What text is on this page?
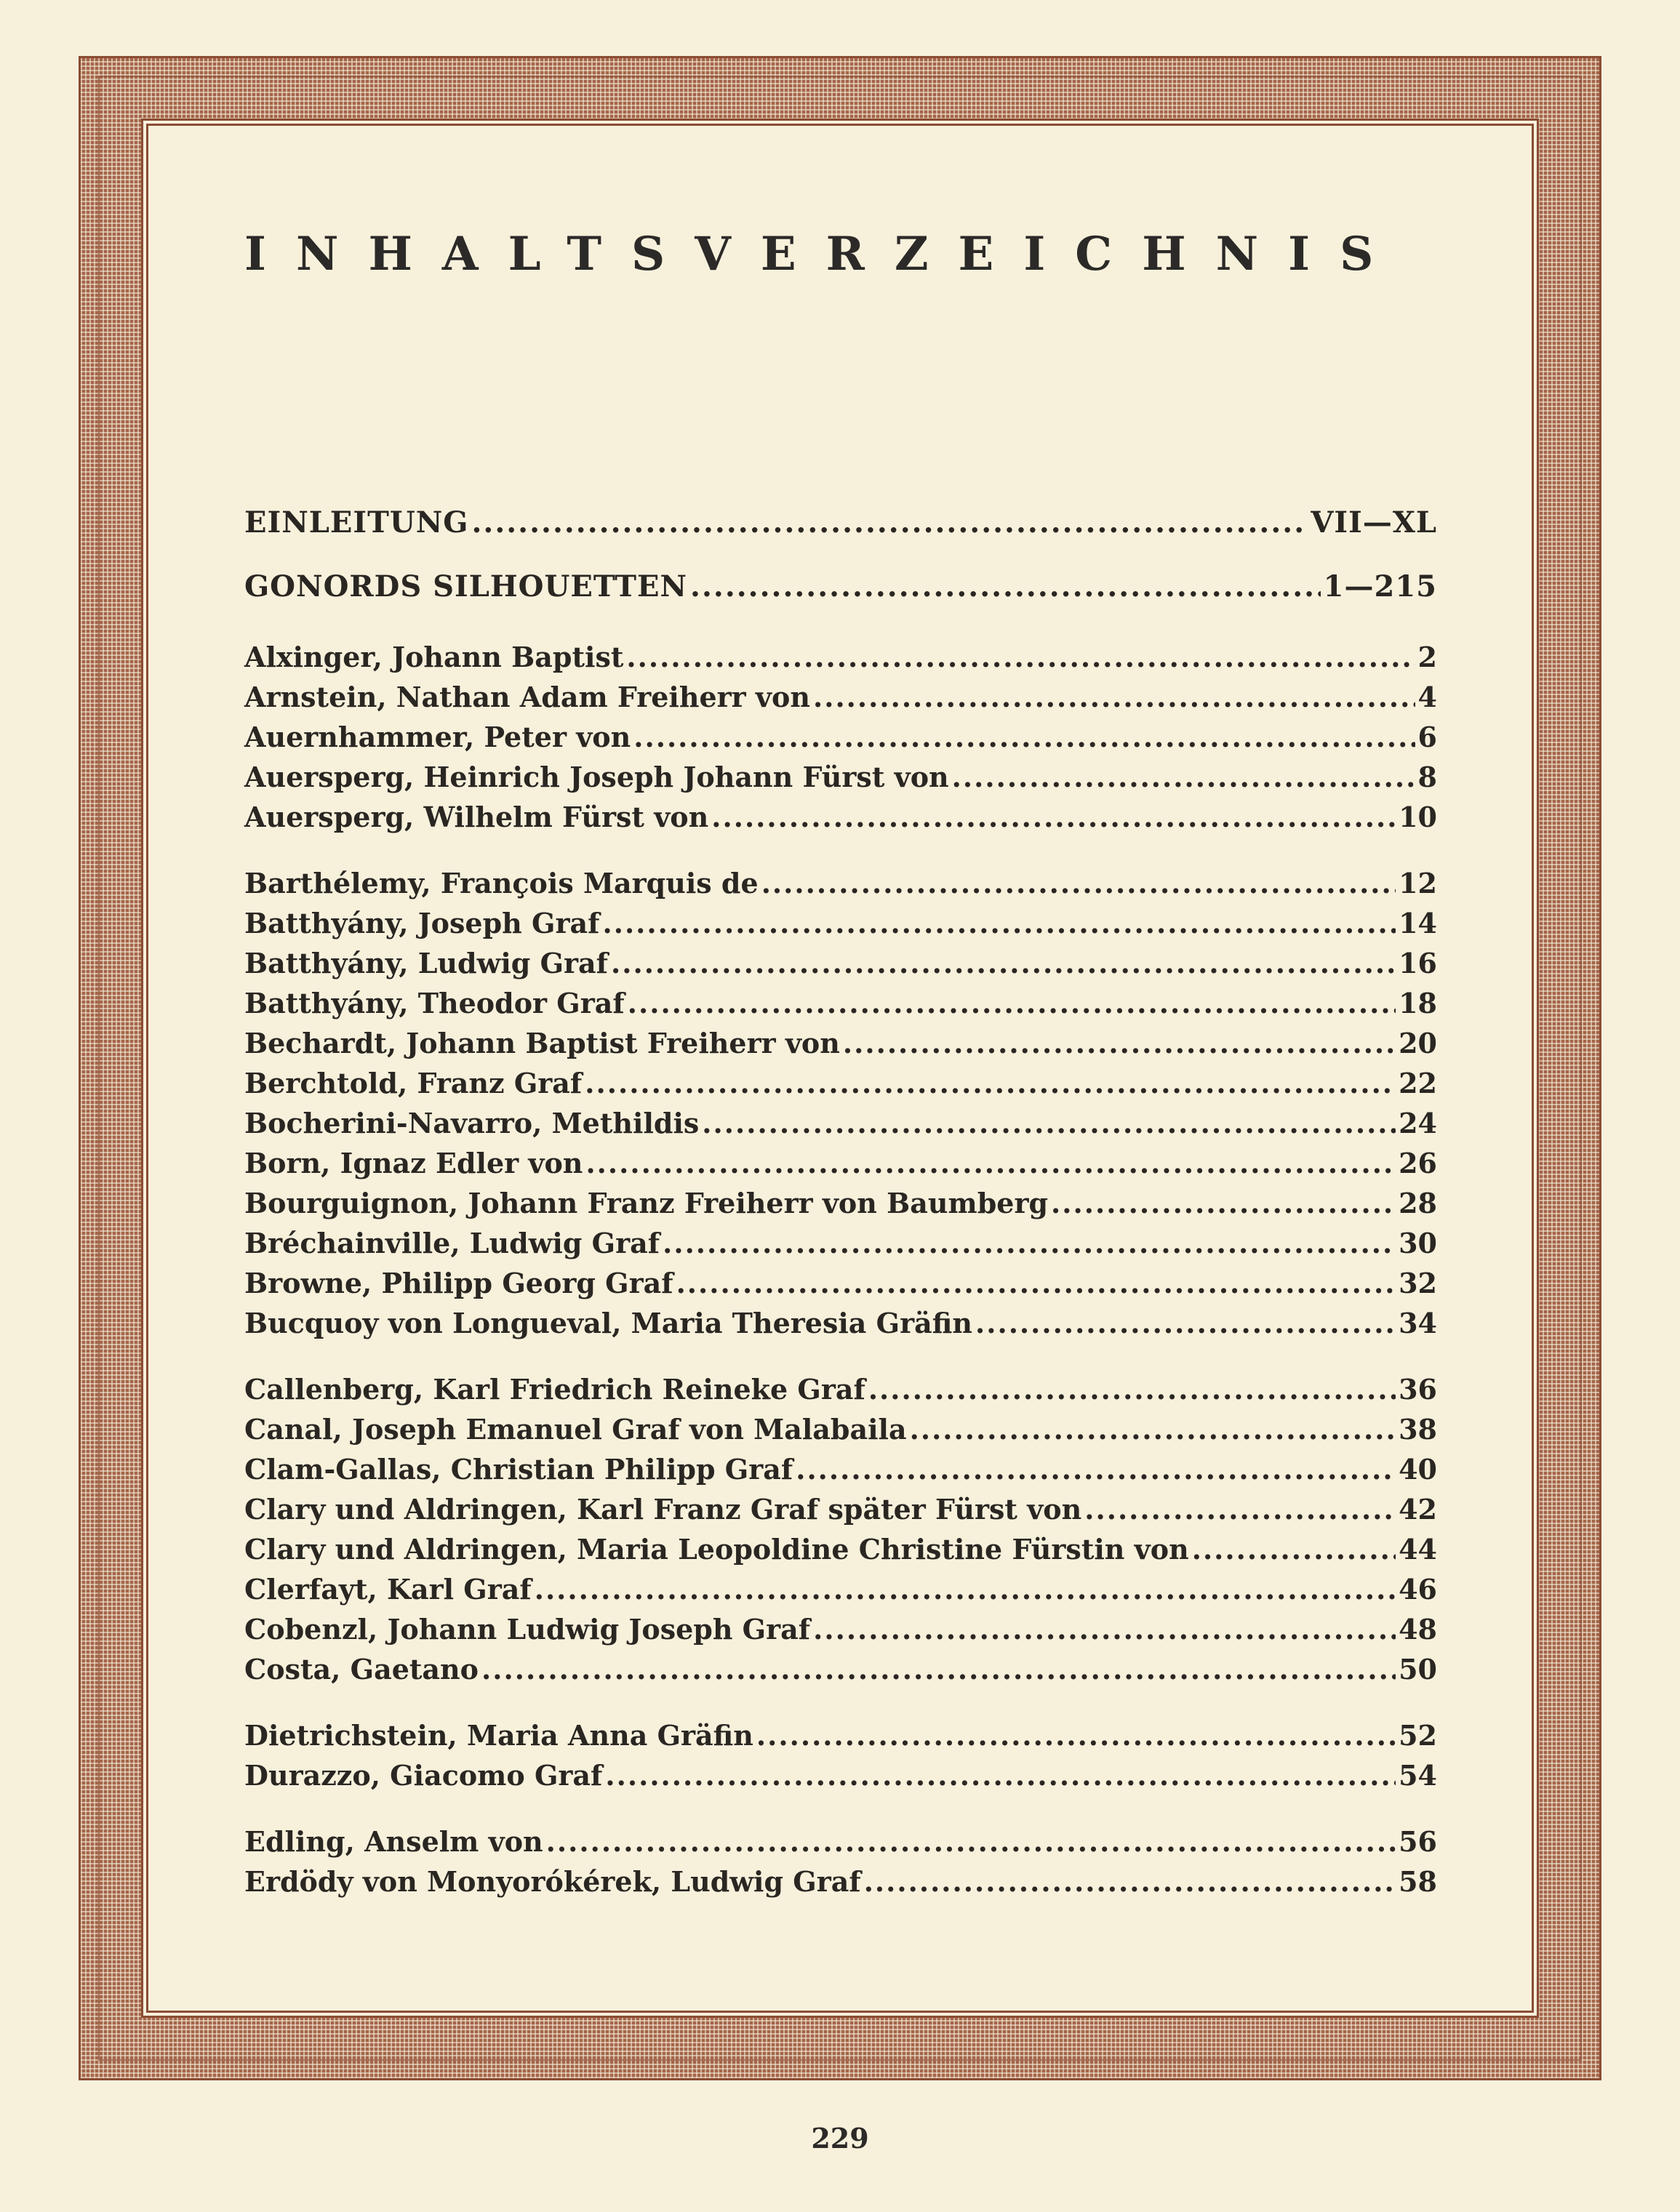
INHALTSVERZEICHNIS
EINLEITUNG .....	VII—XL
GONORDS SILHOUETTEN .....	1—215
Alxinger, Johann Baptist .....	2
Arnstein, Nathan Adam Freiherr von .....	4
Auernhammer, Peter von .....	6
Auersperg, Heinrich Joseph Johann Fürst von .....	8
Auersperg, Wilhelm Fürst von .....	10
Barthélemy, François Marquis de .....	12
Batthyány, Joseph Graf .....	14
Batthyány, Ludwig Graf .....	16
Batthyány, Theodor Graf .....	18
Bechardt, Johann Baptist Freiherr von .....	20
Berchtold, Franz Graf .....	22
Bocherini-Navarro, Methildis .....	24
Born, Ignaz Edler von .....	26
Bourguignon, Johann Franz Freiherr von Baumberg .....	28
Bréchainville, Ludwig Graf .....	30
Browne, Philipp Georg Graf .....	32
Bucquoy von Longueval, Maria Theresia Gräfin .....	34
Callenberg, Karl Friedrich Reineke Graf .....	36
Canal, Joseph Emanuel Graf von Malabaila .....	38
Clam-Gallas, Christian Philipp Graf .....	40
Clary und Aldringen, Karl Franz Graf später Fürst von .....	42
Clary und Aldringen, Maria Leopoldine Christine Fürstin von .....	44
Clerfayt, Karl Graf .....	46
Cobenzl, Johann Ludwig Joseph Graf .....	48
Costa, Gaetano .....	50
Dietrichstein, Maria Anna Gräfin .....	52
Durazzo, Giacomo Graf .....	54
Edling, Anselm von .....	56
Erdödy von Monyorókérek, Ludwig Graf .....	58
229
